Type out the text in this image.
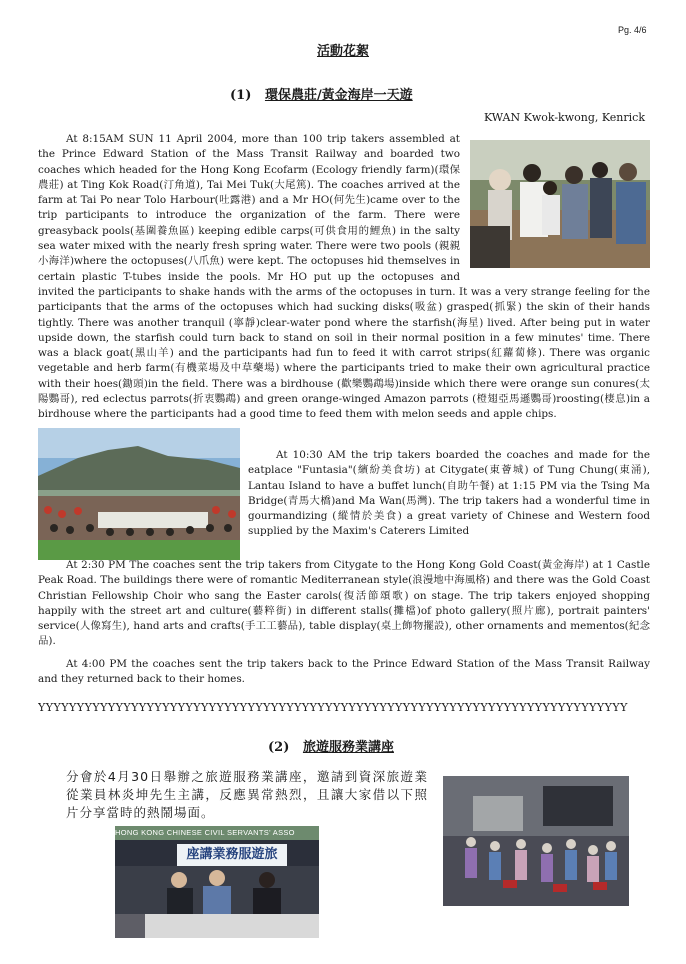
Pg. 4/6
活動花絮
(1) 環保農莊/黃金海岸一天遊
KWAN Kwok-kwong, Kenrick
At 8:15AM SUN 11 April 2004, more than 100 trip takers assembled at the Prince Edward Station of the Mass Transit Railway and boarded two coaches which headed for the Hong Kong Ecofarm (Ecology friendly farm)(環保農莊) at Ting Kok Road(汀角道), Tai Mei Tuk(大尾篤). The coaches arrived at the farm at Tai Po near Tolo Harbour(吐露港) and a Mr HO(何先生)came over to the trip participants to introduce the organization of the farm. There were greasyback pools(基圍養魚區) keeping edible carps(可供食用的鯉魚) in the salty sea water mixed with the nearly fresh spring water. There were two pools (親親小海洋)where the octopuses(八爪魚) were kept. The octopuses hid themselves in certain plastic T-tubes inside the pools. Mr HO put up the octopuses and invited the participants to shake hands with the arms of the octopuses in turn. It was a very strange feeling for the participants that the arms of the octopuses which had sucking disks(吸盆) grasped(抓緊) the skin of their hands tightly. There was another tranquil (寧靜)clear-water pond where the starfish(海星) lived. After being put in water upside down, the starfish could turn back to stand on soil in their normal position in a few minutes' time. There was a black goat(黑山羊) and the participants had fun to feed it with carrot strips(紅蘿蔔條). There was organic vegetable and herb farm(有機菜場及中草藥場) where the participants tried to make their own agricultural practice with their hoes(鋤頭)in the field. There was a birdhouse (歡樂鸚鵡場)inside which there were orange sun conures(太陽鸚哥), red eclectus parrots(折衷鸚鵡) and green orange-winged Amazon parrots (橙翅亞馬遜鸚哥)roosting(棲息)in a birdhouse where the participants had a good time to feed them with melon seeds and apple chips.
At 10:30 AM the trip takers boarded the coaches and made for the eatplace "Funtasia"(繽紛美食坊) at Citygate(東薈城) of Tung Chung(東涌), Lantau Island to have a buffet lunch(自助午餐) at 1:15 PM via the Tsing Ma Bridge(青馬大橋)and Ma Wan(馬灣). The trip takers had a wonderful time in gourmandizing (縱情於美食) a great variety of Chinese and Western food supplied by the Maxim's Caterers Limited
At 2:30 PM The coaches sent the trip takers from Citygate to the Hong Kong Gold Coast(黃金海岸) at 1 Castle Peak Road. The buildings there were of romantic Mediterranean style(浪漫地中海風格) and there was the Gold Coast Christian Fellowship Choir who sang the Easter carols(復活節頌歌) on stage. The trip takers enjoyed shopping happily with the street art and culture(藝粹街) in different stalls(攤檔)of photo gallery(照片廊), portrait painters' service(人像寫生), hand arts and crafts(手工工藝品), table display(桌上飾物擺設), other ornaments and mementos(紀念品).
At 4:00 PM the coaches sent the trip takers back to the Prince Edward Station of the Mass Transit Railway and they returned back to their homes.
ΥΥΥΥΥΥΥΥΥΥΥΥΥΥΥΥΥΥΥΥΥΥΥΥΥΥΥΥΥΥΥΥΥΥΥΥΥΥΥΥΥΥΥΥΥΥΥΥΥΥΥΥΥΥΥΥΥΥΥΥΥΥΥΥΥΥΥΥΥΥΥΥΥΥΥΥ
(2) 旅遊服務業講座
分會於4月30日舉辦之旅遊服務業講座，邀請到資深旅遊業從業員林炎坤先生主講，反應異常熱烈，且讓大家借以下照片分享當時的熱鬧場面。
HONG KONG CHINESE CIVIL SERVANTS' ASSO
座講業務服遊旅
